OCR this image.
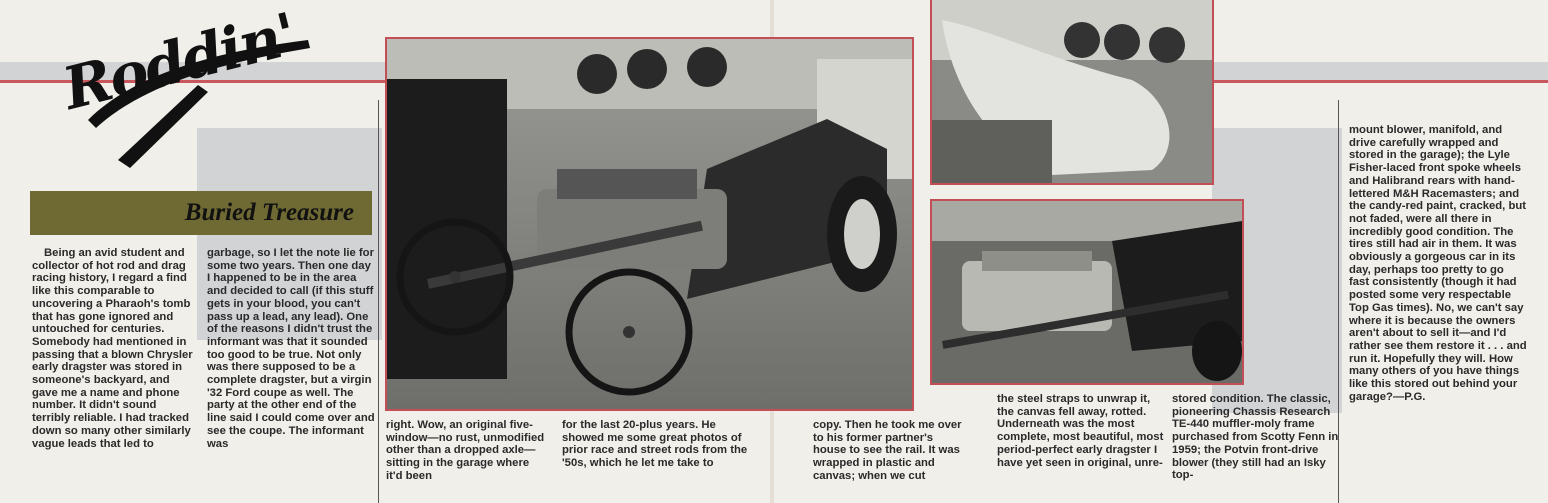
Roddin'
Buried Treasure

Being an avid student and collector of hot rod and drag racing history, I regard a find like this comparable to uncovering a Pharaoh's tomb that has gone ignored and untouched for centuries. Somebody had mentioned in passing that a blown Chrysler early dragster was stored in someone's backyard, and gave me a name and phone number. It didn't sound terribly reliable. I had tracked down so many other similarly vague leads that led to

garbage, so I let the note lie for some two years. Then one day I happened to be in the area and decided to call (if this stuff gets in your blood, you can't pass up a lead, any lead). One of the reasons I didn't trust the informant was that it sounded too good to be true. Not only was there supposed to be a complete dragster, but a virgin '32 Ford coupe as well. The party at the other end of the line said I could come over and see the coupe. The informant was

right. Wow, an original five-window—no rust, unmodified other than a dropped axle—sitting in the garage where it'd been

for the last 20-plus years. He showed me some great photos of prior race and street rods from the '50s, which he let me take to

copy. Then he took me over to his former partner's house to see the rail. It was wrapped in plastic and canvas; when we cut

the steel straps to unwrap it, the canvas fell away, rotted. Underneath was the most complete, most beautiful, most period-perfect early dragster I have yet seen in original, unre-

stored condition. The classic, pioneering Chassis Research TE-440 muffler-moly frame purchased from Scotty Fenn in 1959; the Potvin front-drive blower (they still had an Isky top-

mount blower, manifold, and drive carefully wrapped and stored in the garage); the Lyle Fisher-laced front spoke wheels and Halibrand rears with hand-lettered M&H Racemasters; and the candy-red paint, cracked, but not faded, were all there in incredibly good condition. The tires still had air in them. It was obviously a gorgeous car in its day, perhaps too pretty to go fast consistently (though it had posted some very respectable Top Gas times). No, we can't say where it is because the owners aren't about to sell it—and I'd rather see them restore it . . . and run it. Hopefully they will. How many others of you have things like this stored out behind your garage?—P.G.
